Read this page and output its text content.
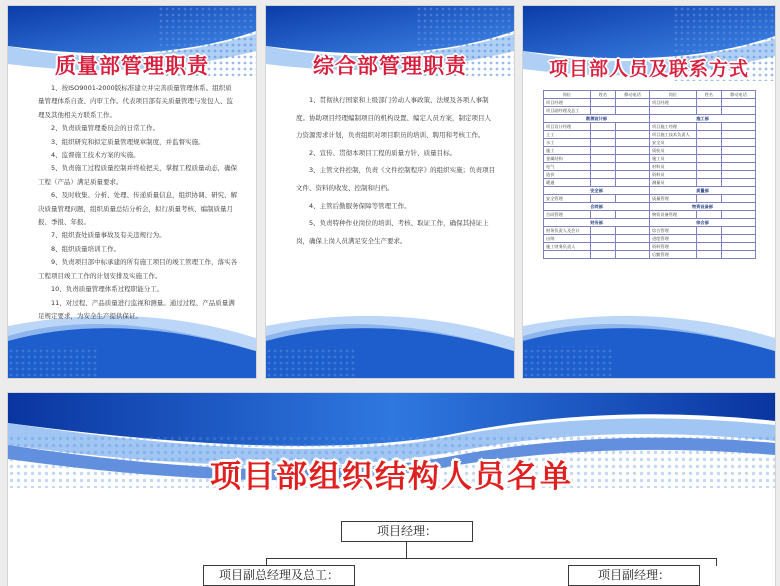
质量部管理职责

1、按ISO9001-2000版标准建立并完善质量管理体系。组织质量管理体系自查、内审工作。代表项目部有关质量管理与发包人、监理及其他相关方联系工作。

2、负责质量管理委员会的日常工作。

3、组织研究和拟定质量管理规章制度，并监督实施。

4、监督施工技术方案的实施。

5、负责施工过程质量控制并终检把关，掌握工程质量动态，确保工程（产品）满足质量要求。

6、及时收集、分析、处理、传递质量信息，组织协调、研究、解决质量管理问题，组织质量总结分析会，拟行质量考核、编制质量月报、季报、年报。

7、组织查处质量事故及有关违规行为。

8、组织质量培训工作。

9、负责项目部中标承建的所有施工项目的竣工管理工作，落实各工程项目竣工工作的计划安排及实施工作。

10、负责质量管理体系过程职能分工。

11、对过程、产品质量进行监视和测量。通过过程、产品质量满足规定要求，为安全生产提供保证。

综合部管理职责

1、贯彻执行国家和上级部门劳动人事政策、法规及各项人事制度。协助项目经理编制项目的机构设置、编定人员方案，制定项目人力资源需求计划，负责组织对项目职员的培训、聘用和考核工作。

2、宣传、贯彻本项目工程的质量方针、质量目标。

3、主管文件控制，负责《文件控制程序》的组织实施；负责项目文件、资料的收发、控制和归档。

4、主管后勤服务保障等管理工作。

5、负责特种作业岗位的培训、考核、取证工作，确保其持证上岗，确保上岗人员满足安全生产要求。

项目部人员及联系方式
岗位	姓名	移动电话	岗位	姓名	移动电话
项目经理			项目经理		
项目副经理及总工					
勘测设计部			施工部		
项目设计经理			项目施工经理		
土工			项目施工技术负责人		
水工			安全员		
施工			质检员		
金属结构			施工员		
电气			材料员		
造价			资料员		
暖通			测量员		
安全部			质量部		
安全管理			质量管理		
合同部			物资设备部		
合同管理			物资设备管理		
财务部			综合部		
财务负责人及会计			综合管理		
出纳			进度管理		
施工财务负责人			资料管理		
			后勤管理		
项目部组织结构人员名单
项目经理：
项目副总经理及总工：	项目副经理：
